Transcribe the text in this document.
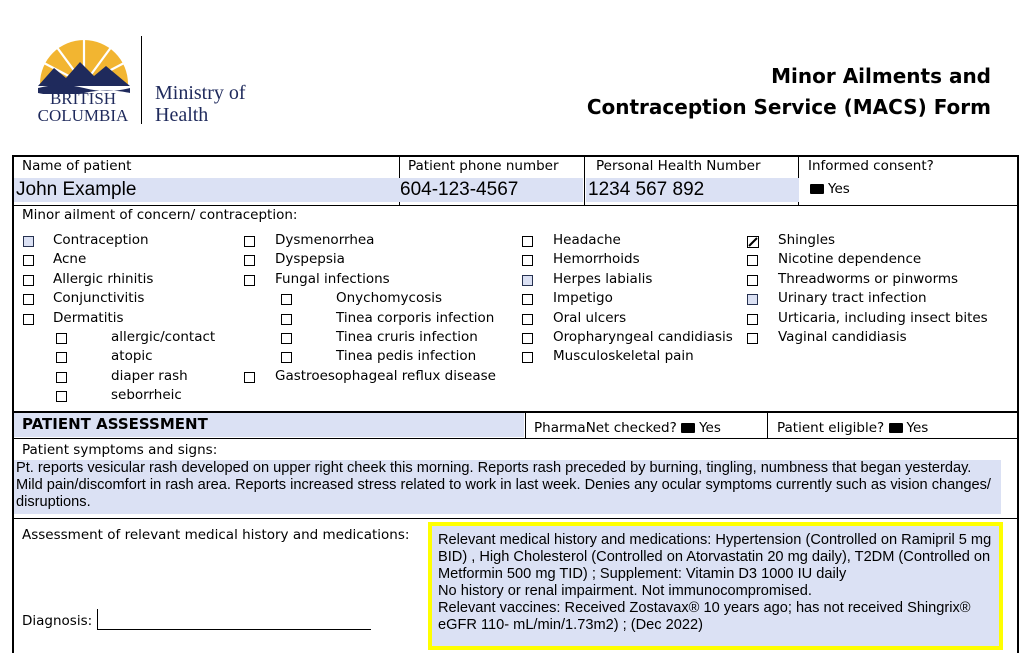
BRITISH
COLUMBIA
Ministry of
Health
Minor Ailments and
Contraception Service (MACS) Form
Name of patient
John Example
Patient phone number
604-123-4567
Personal Health Number
1234 567 892
Informed consent?
Yes
Minor ailment of concern/ contraception:
Contraception
Acne
Allergic rhinitis
Conjunctivitis
Dermatitis
allergic/contact
atopic
diaper rash
seborrheic
Dysmenorrhea
Dyspepsia
Fungal infections
Onychomycosis
Tinea corporis infection
Tinea cruris infection
Tinea pedis infection
Gastroesophageal reflux disease
Headache
Hemorrhoids
Herpes labialis
Impetigo
Oral ulcers
Oropharyngeal candidiasis
Musculoskeletal pain
Shingles
Nicotine dependence
Threadworms or pinworms
Urinary tract infection
Urticaria, including insect bites
Vaginal candidiasis
PATIENT ASSESSMENT	PharmaNet checked? Yes	Patient eligible? Yes
Patient symptoms and signs:
Pt. reports vesicular rash developed on upper right cheek this morning. Reports rash preceded by burning, tingling, numbness that began yesterday. Mild pain/discomfort in rash area. Reports increased stress related to work in last week. Denies any ocular symptoms currently such as vision changes/ disruptions.
Assessment of relevant medical history and medications: Relevant medical history and medications: Hypertension (Controlled on Ramipril 5 mg BID) , High Cholesterol (Controlled on Atorvastatin 20 mg daily), T2DM (Controlled on Metformin 500 mg TID) ; Supplement: Vitamin D3 1000 IU daily
No history or renal impairment. Not immunocompromised.
Relevant vaccines: Received Zostavax® 10 years ago; has not received Shingrix® eGFR 110- mL/min/1.73m2) ; (Dec 2022)
Diagnosis:
